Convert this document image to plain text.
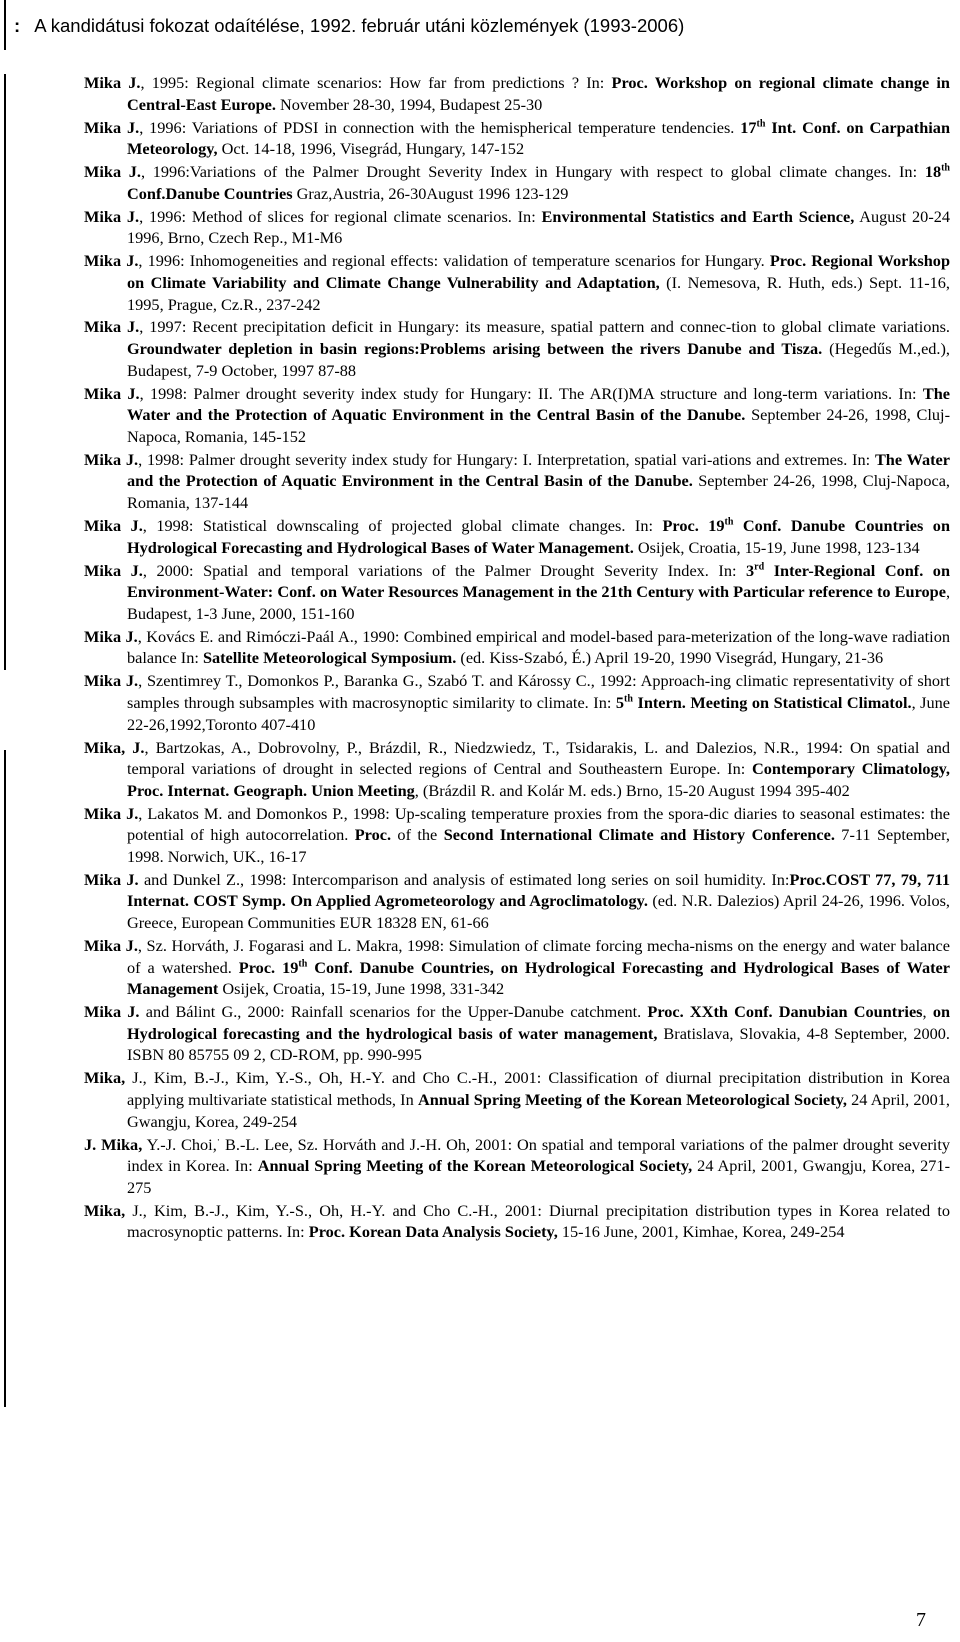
: A kandidátusi fokozat odaítélése, 1992. február utáni közlemények (1993-2006)
Mika J., 1995: Regional climate scenarios: How far from predictions ? In: Proc. Workshop on regional climate change in Central-East Europe. November 28-30, 1994, Budapest 25-30
Mika J., 1996: Variations of PDSI in connection with the hemispherical temperature tendencies. 17th Int. Conf. on Carpathian Meteorology, Oct. 14-18, 1996, Visegrád, Hungary, 147-152
Mika J., 1996:Variations of the Palmer Drought Severity Index in Hungary with respect to global climate changes. In: 18th Conf.Danube Countries Graz,Austria, 26-30August 1996 123-129
Mika J., 1996: Method of slices for regional climate scenarios. In: Environmental Statistics and Earth Science, August 20-24 1996, Brno, Czech Rep., M1-M6
Mika J., 1996: Inhomogeneities and regional effects: validation of temperature scenarios for Hungary. Proc. Regional Workshop on Climate Variability and Climate Change Vulnerability and Adaptation, (I. Nemesova, R. Huth, eds.) Sept. 11-16, 1995, Prague, Cz.R., 237-242
Mika J., 1997: Recent precipitation deficit in Hungary: its measure, spatial pattern and connec-tion to global climate variations. Groundwater depletion in basin regions:Problems arising between the rivers Danube and Tisza. (Hegedűs M.,ed.), Budapest, 7-9 October, 1997 87-88
Mika J., 1998: Palmer drought severity index study for Hungary: II. The AR(I)MA structure and long-term variations. In: The Water and the Protection of Aquatic Environment in the Central Basin of the Danube. September 24-26, 1998, Cluj-Napoca, Romania, 145-152
Mika J., 1998: Palmer drought severity index study for Hungary: I. Interpretation, spatial vari-ations and extremes. In: The Water and the Protection of Aquatic Environment in the Central Basin of the Danube. September 24-26, 1998, Cluj-Napoca, Romania, 137-144
Mika J., 1998: Statistical downscaling of projected global climate changes. In: Proc. 19th Conf. Danube Countries on Hydrological Forecasting and Hydrological Bases of Water Management. Osijek, Croatia, 15-19, June 1998, 123-134
Mika J., 2000: Spatial and temporal variations of the Palmer Drought Severity Index. In: 3rd Inter-Regional Conf. on Environment-Water: Conf. on Water Resources Management in the 21th Century with Particular reference to Europe, Budapest, 1-3 June, 2000, 151-160
Mika J., Kovács E. and Rimóczi-Paál A., 1990: Combined empirical and model-based para-meterization of the long-wave radiation balance In: Satellite Meteorological Symposium. (ed. Kiss-Szabó, É.) April 19-20, 1990 Visegrád, Hungary, 21-36
Mika J., Szentimrey T., Domonkos P., Baranka G., Szabó T. and Károssy C., 1992: Approach-ing climatic representativity of short samples through subsamples with macrosynoptic similarity to climate. In: 5th Intern. Meeting on Statistical Climatol., June 22-26,1992,Toronto 407-410
Mika, J., Bartzokas, A., Dobrovolny, P., Brázdil, R., Niedzwiedz, T., Tsidarakis, L. and Dalezios, N.R., 1994: On spatial and temporal variations of drought in selected regions of Central and Southeastern Europe. In: Contemporary Climatology, Proc. Internat. Geograph. Union Meeting, (Brázdil R. and Kolár M. eds.) Brno, 15-20 August 1994 395-402
Mika J., Lakatos M. and Domonkos P., 1998: Up-scaling temperature proxies from the spora-dic diaries to seasonal estimates: the potential of high autocorrelation. Proc. of the Second International Climate and History Conference. 7-11 September, 1998. Norwich, UK., 16-17
Mika J. and Dunkel Z., 1998: Intercomparison and analysis of estimated long series on soil humidity. In:Proc.COST 77, 79, 711 Internat. COST Symp. On Applied Agrometeorology and Agroclimatology. (ed. N.R. Dalezios) April 24-26, 1996. Volos, Greece, European Communities EUR 18328 EN, 61-66
Mika J., Sz. Horváth, J. Fogarasi and L. Makra, 1998: Simulation of climate forcing mecha-nisms on the energy and water balance of a watershed. Proc. 19th Conf. Danube Countries, on Hydrological Forecasting and Hydrological Bases of Water Management Osijek, Croatia, 15-19, June 1998, 331-342
Mika J. and Bálint G., 2000: Rainfall scenarios for the Upper-Danube catchment. Proc. XXth Conf. Danubian Countries, on Hydrological forecasting and the hydrological basis of water management, Bratislava, Slovakia, 4-8 September, 2000. ISBN 80 85755 09 2, CD-ROM, pp. 990-995
Mika, J., Kim, B.-J., Kim, Y.-S., Oh, H.-Y. and Cho C.-H., 2001: Classification of diurnal precipitation distribution in Korea applying multivariate statistical methods, In Annual Spring Meeting of the Korean Meteorological Society, 24 April, 2001, Gwangju, Korea, 249-254
J. Mika, Y.-J. Choi,· B.-L. Lee, Sz. Horváth and J.-H. Oh, 2001: On spatial and temporal variations of the palmer drought severity index in Korea. In: Annual Spring Meeting of the Korean Meteorological Society, 24 April, 2001, Gwangju, Korea, 271-275
Mika, J., Kim, B.-J., Kim, Y.-S., Oh, H.-Y. and Cho C.-H., 2001: Diurnal precipitation distribution types in Korea related to macrosynoptic patterns. In: Proc. Korean Data Analysis Society, 15-16 June, 2001, Kimhae, Korea, 249-254
7
